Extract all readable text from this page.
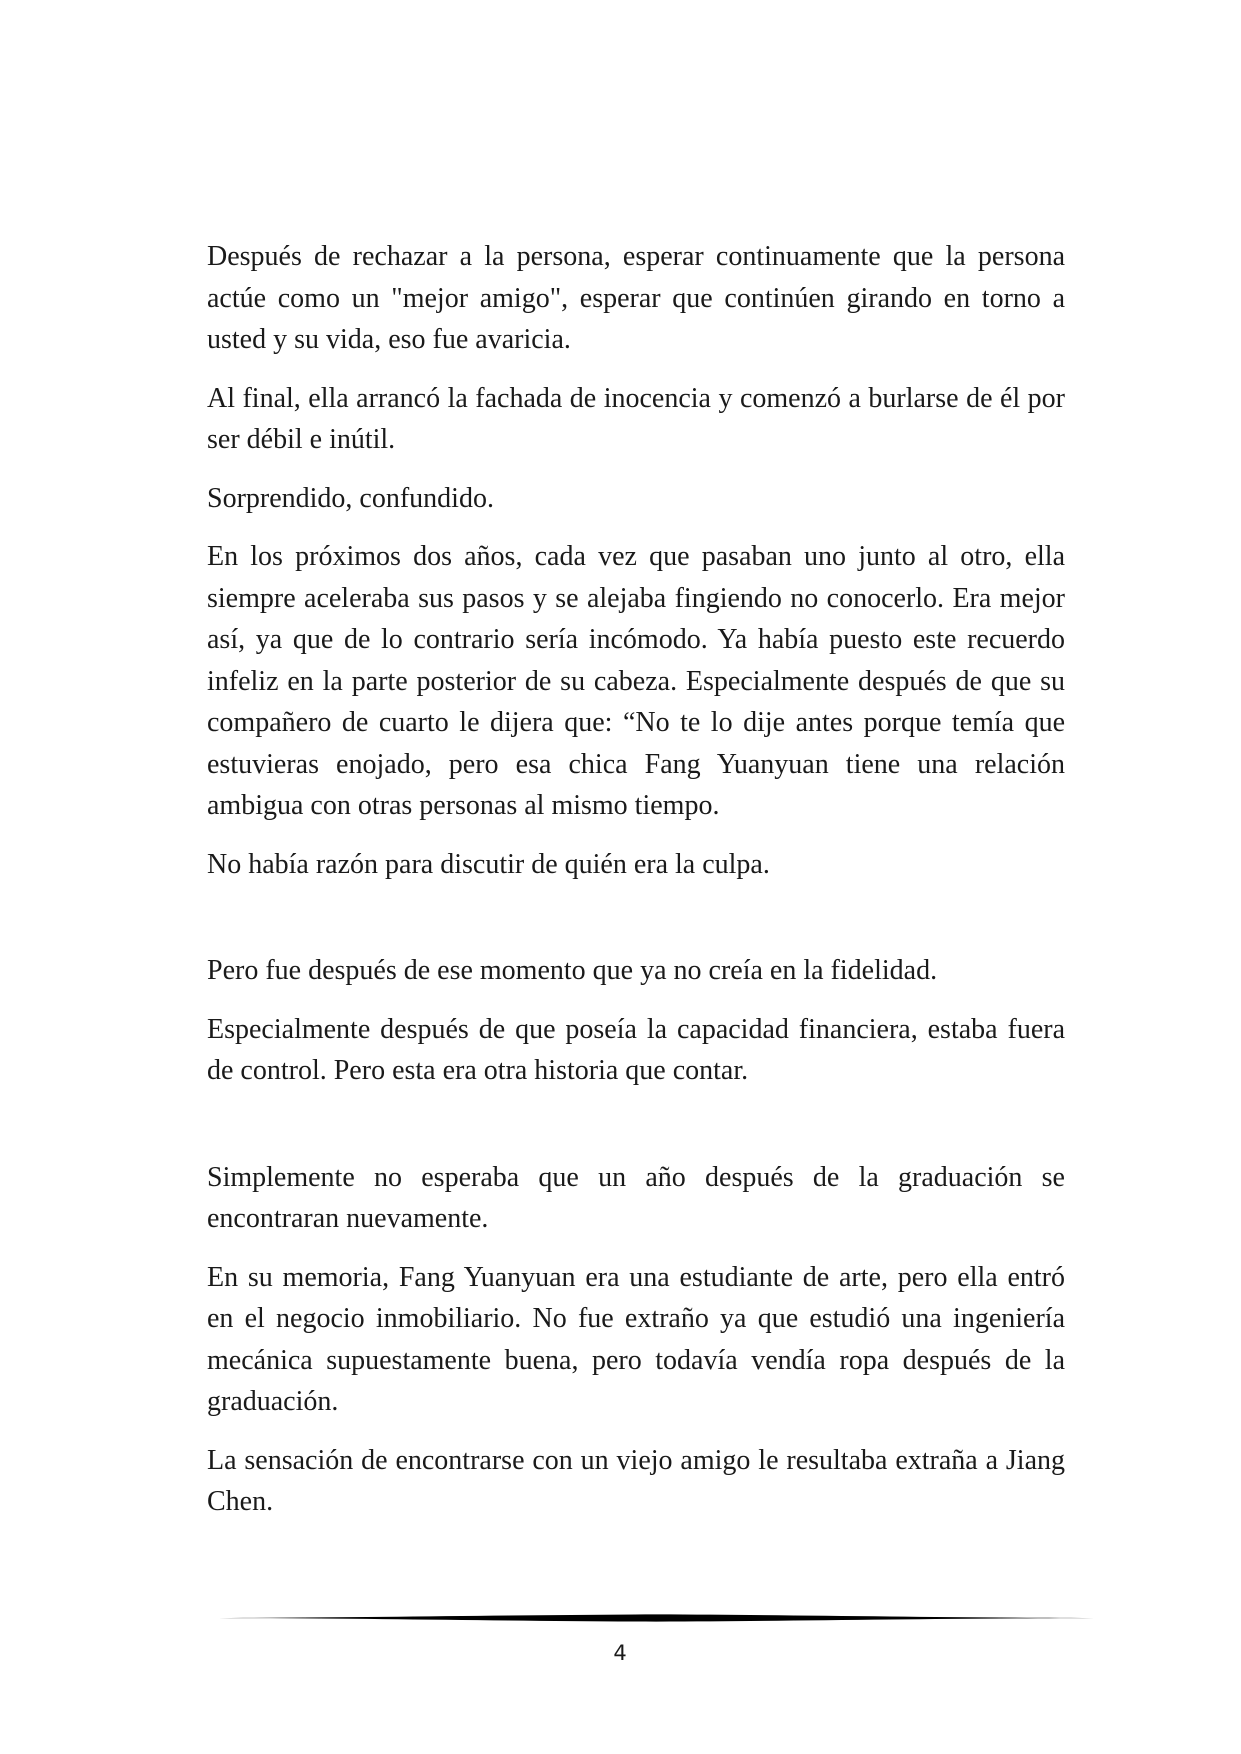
Después de rechazar a la persona, esperar continuamente que la persona actúe como un "mejor amigo", esperar que continúen girando en torno a usted y su vida, eso fue avaricia.

Al final, ella arrancó la fachada de inocencia y comenzó a burlarse de él por ser débil e inútil.

Sorprendido, confundido.

En los próximos dos años, cada vez que pasaban uno junto al otro, ella siempre aceleraba sus pasos y se alejaba fingiendo no conocerlo. Era mejor así, ya que de lo contrario sería incómodo. Ya había puesto este recuerdo infeliz en la parte posterior de su cabeza. Especialmente después de que su compañero de cuarto le dijera que: “No te lo dije antes porque temía que estuvieras enojado, pero esa chica Fang Yuanyuan tiene una relación ambigua con otras personas al mismo tiempo.

No había razón para discutir de quién era la culpa.

Pero fue después de ese momento que ya no creía en la fidelidad.

Especialmente después de que poseía la capacidad financiera, estaba fuera de control. Pero esta era otra historia que contar.

Simplemente no esperaba que un año después de la graduación se encontraran nuevamente.

En su memoria, Fang Yuanyuan era una estudiante de arte, pero ella entró en el negocio inmobiliario. No fue extraño ya que estudió una ingeniería mecánica supuestamente buena, pero todavía vendía ropa después de la graduación.

La sensación de encontrarse con un viejo amigo le resultaba extraña a Jiang Chen.

4
